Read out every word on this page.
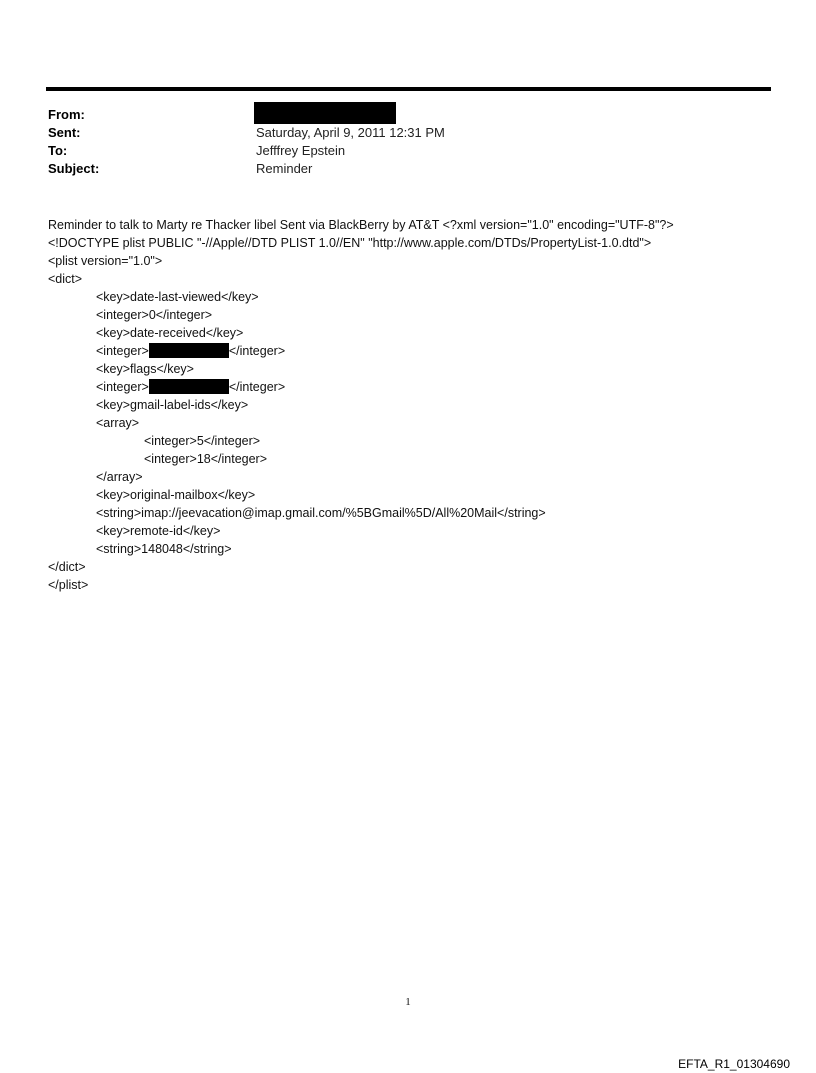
From:
Sent:	Saturday, April 9, 2011 12:31 PM
To:	Jefffrey Epstein
Subject:	Reminder
Reminder to talk to Marty re Thacker libel Sent via BlackBerry by AT&T <?xml version="1.0" encoding="UTF-8"?>
<!DOCTYPE plist PUBLIC "-//Apple//DTD PLIST 1.0//EN" "http://www.apple.com/DTDs/PropertyList-1.0.dtd">
<plist version="1.0">
<dict>
<key>date-last-viewed</key>
<integer>0</integer>
<key>date-received</key>
<integer>	</integer>
<key>flags</key>
<integer>	</integer>
<key>gmail-label-ids</key>
<array>
<integer>5</integer>
<integer>18</integer>
</array>
<key>original-mailbox</key>
<string>imap://jeevacation@imap.gmail.com/%5BGmail%5D/All%20Mail</string>
<key>remote-id</key>
<string>148048</string>
</dict>
</plist>
1
EFTA_R1_01304690
